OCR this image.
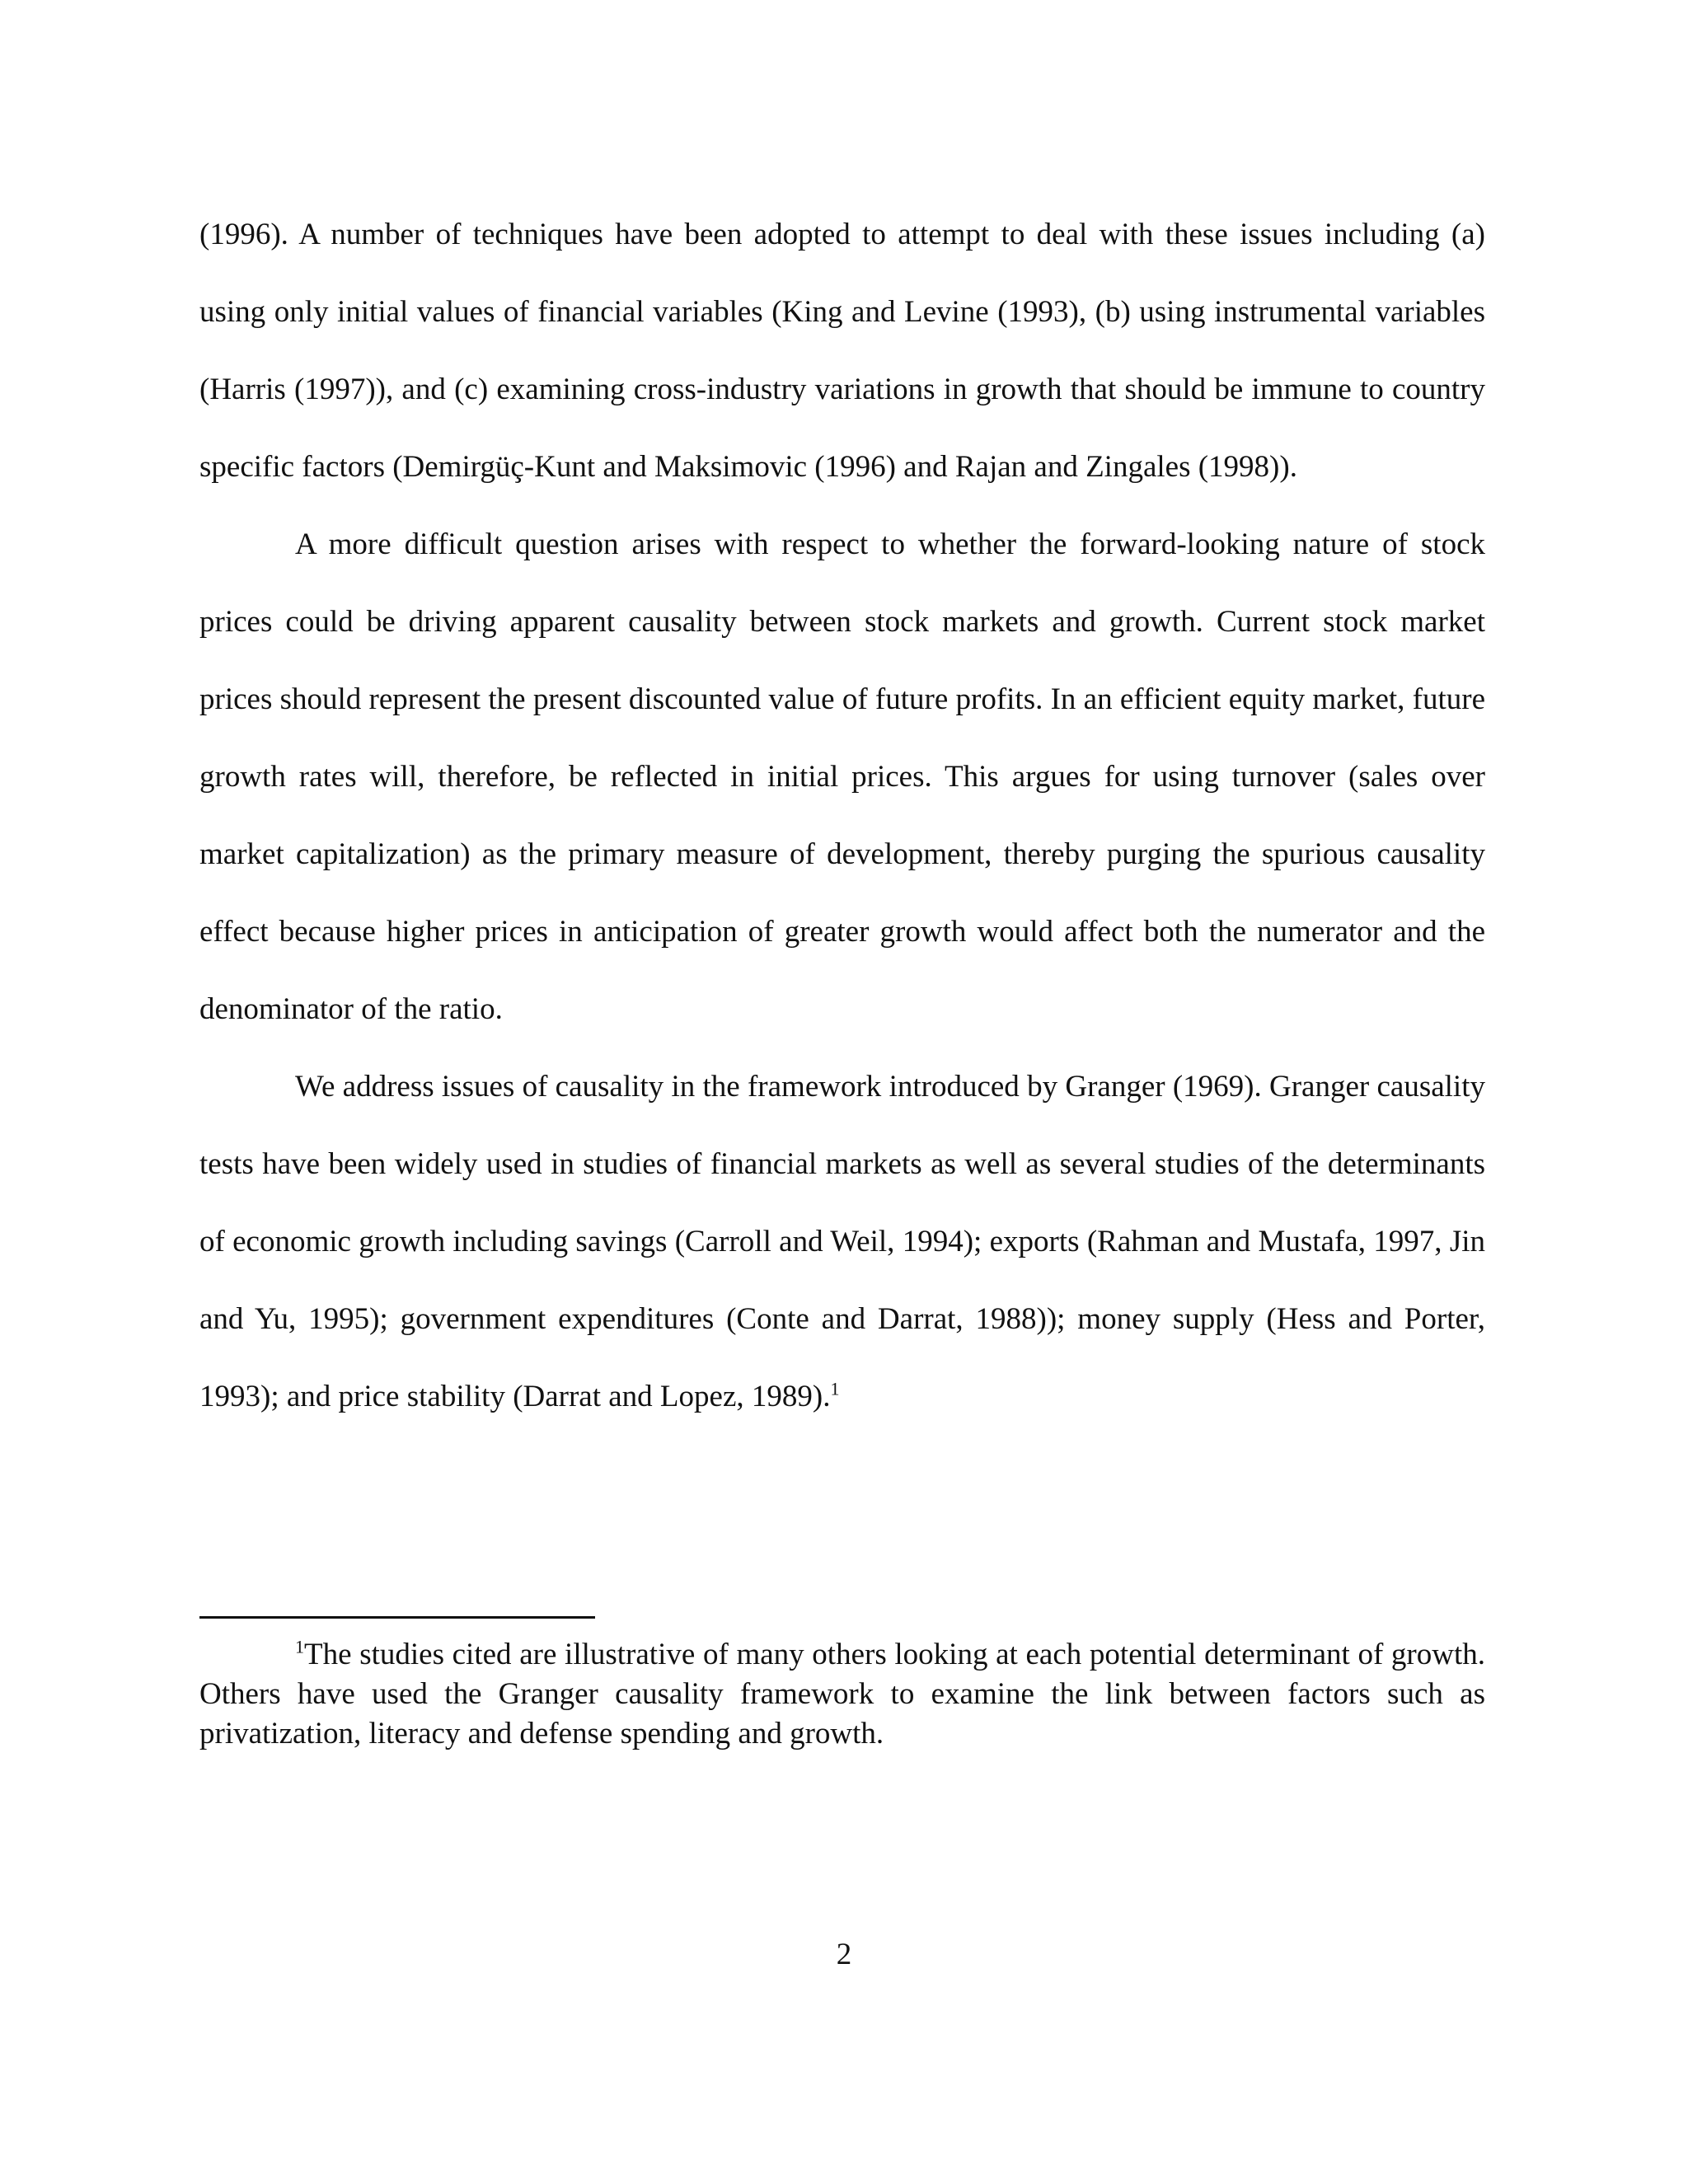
(1996). A number of techniques have been adopted to attempt to deal with these issues including (a) using only initial values of financial variables (King and Levine (1993), (b) using instrumental variables (Harris (1997)), and (c) examining cross-industry variations in growth that should be immune to country specific factors (Demirgüç-Kunt and Maksimovic (1996) and Rajan and Zingales (1998)).

A more difficult question arises with respect to whether the forward-looking nature of stock prices could be driving apparent causality between stock markets and growth. Current stock market prices should represent the present discounted value of future profits. In an efficient equity market, future growth rates will, therefore, be reflected in initial prices. This argues for using turnover (sales over market capitalization) as the primary measure of development, thereby purging the spurious causality effect because higher prices in anticipation of greater growth would affect both the numerator and the denominator of the ratio.

We address issues of causality in the framework introduced by Granger (1969). Granger causality tests have been widely used in studies of financial markets as well as several studies of the determinants of economic growth including savings (Carroll and Weil, 1994); exports (Rahman and Mustafa, 1997, Jin and Yu, 1995); government expenditures (Conte and Darrat, 1988)); money supply (Hess and Porter, 1993); and price stability (Darrat and Lopez, 1989).$^1$

$^1$The studies cited are illustrative of many others looking at each potential determinant of growth. Others have used the Granger causality framework to examine the link between factors such as privatization, literacy and defense spending and growth.

2
